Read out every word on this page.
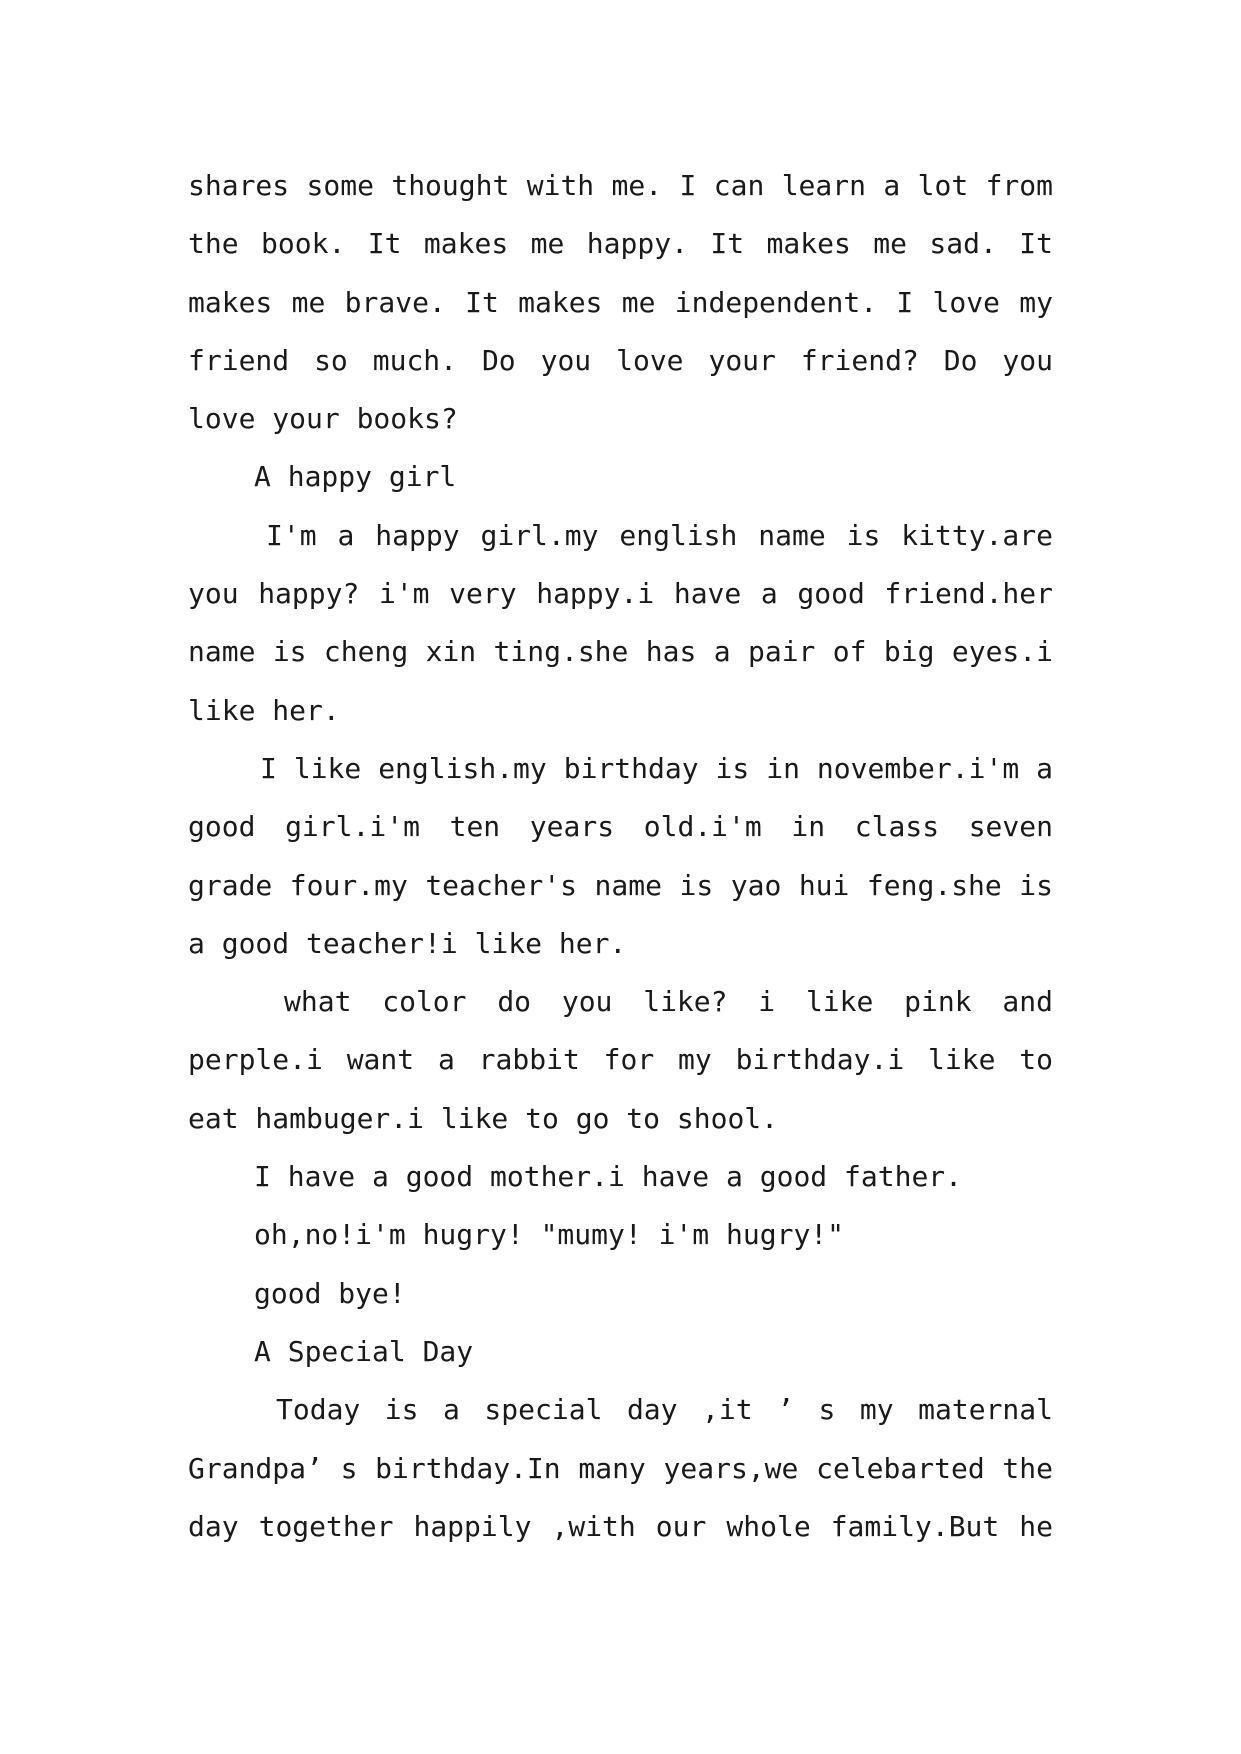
shares some thought with me. I can learn a lot from
the book. It makes me happy. It makes me sad. It
makes me brave. It makes me independent. I love my
friend so much. Do you love your friend? Do you
love your books?
A happy girl
I'm a happy girl.my english name is kitty.are
you happy? i'm very happy.i have a good friend.her
name is cheng xin ting.she has a pair of big eyes.i
like her.
I like english.my birthday is in november.i'm a
good girl.i'm ten years old.i'm in class seven
grade four.my teacher's name is yao hui feng.she is
a good teacher!i like her.
what color do you like? i like pink and
perple.i want a rabbit for my birthday.i like to
eat hambuger.i like to go to shool.
I have a good mother.i have a good father.
oh,no!i'm hugry! "mumy! i'm hugry!"
good bye!
A Special Day
Today is a special day ,it ’ s my maternal
Grandpa’ s birthday.In many years,we celebarted the
day together happily ,with our whole family.But he
